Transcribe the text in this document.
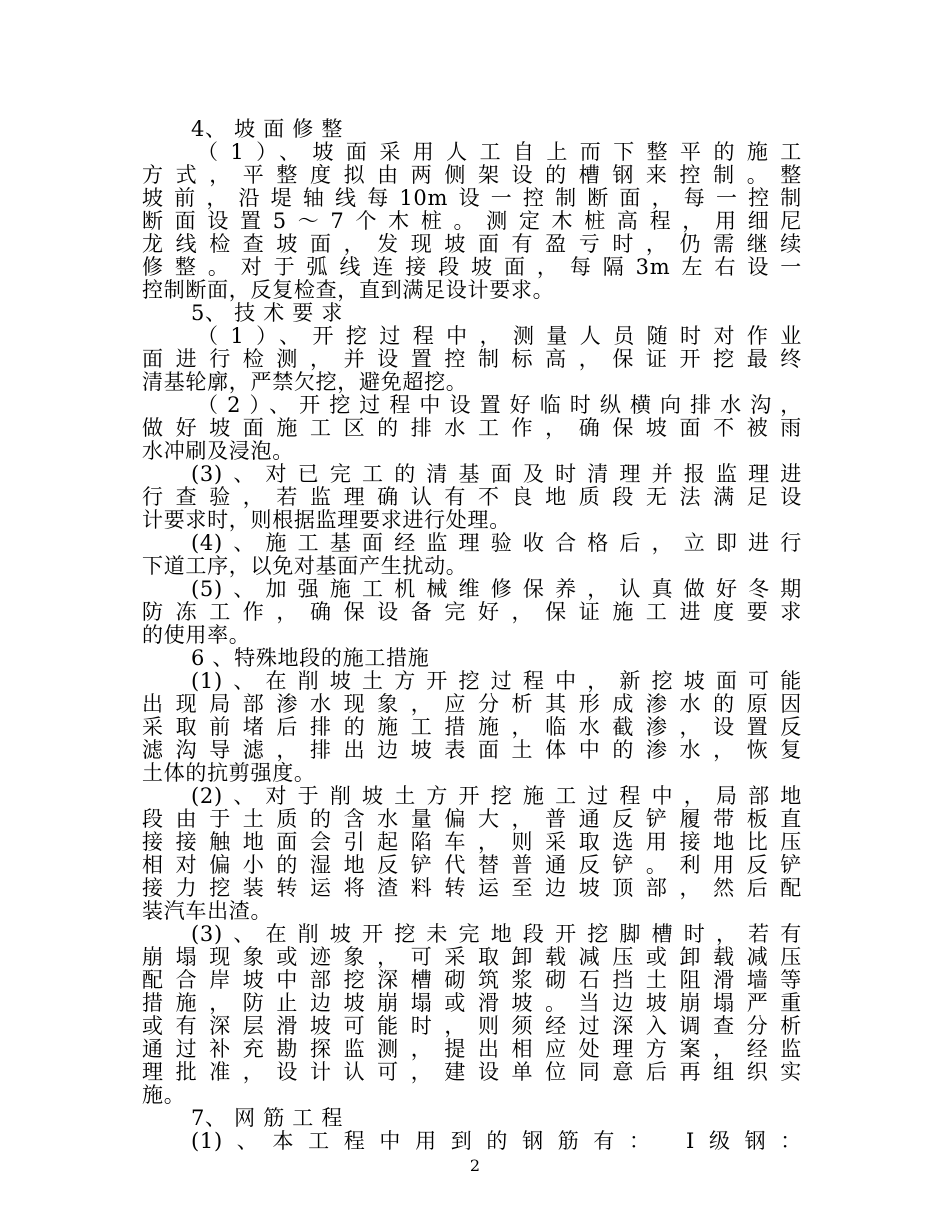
4、 坡 面 修 整
（1）、坡面采用人工自上而下整平的施工
方式，平整度拟由两侧架设的槽钢来控制。整
坡前，沿堤轴线每10m设一控制断面，每一控制
断面设置5～7个木桩。测定木桩高程，用细尼
龙线检查坡面，发现坡面有盈亏时，仍需继续
修整。对于弧线连接段坡面，每隔3m左右设一
控制断面，反复检查，直到满足设计要求。
5、 技 术 要 求
（1）、开挖过程中，测量人员随时对作业
面进行检测，并设置控制标高，保证开挖最终
清基轮廓，严禁欠挖，避免超挖。
（2）、开挖过程中设置好临时纵横向排水沟，
做好坡面施工区的排水工作，确保坡面不被雨
水冲刷及浸泡。
(3)、对已完工的清基面及时清理并报监理进
行查验，若监理确认有不良地质段无法满足设
计要求时，则根据监理要求进行处理。
(4)、施工基面经监理验收合格后，立即进行
下道工序，以免对基面产生扰动。
(5)、加强施工机械维修保养，认真做好冬期
防冻工作，确保设备完好，保证施工进度要求
的使用率。
6 、特殊地段的施工措施
(1)、在削坡土方开挖过程中，新挖坡面可能
出现局部渗水现象，应分析其形成渗水的原因
采取前堵后排的施工措施，临水截渗，设置反
滤沟导滤，排出边坡表面土体中的渗水，恢复
土体的抗剪强度。
(2)、对于削坡土方开挖施工过程中，局部地
段由于土质的含水量偏大，普通反铲履带板直
接接触地面会引起陷车，则采取选用接地比压
相对偏小的湿地反铲代替普通反铲。利用反铲
接力挖装转运将渣料转运至边坡顶部，然后配
装汽车出渣。
(3)、在削坡开挖未完地段开挖脚槽时，若有
崩塌现象或迹象，可采取卸载减压或卸载减压
配合岸坡中部挖深槽砌筑浆砌石挡土阻滑墙等
措施，防止边坡崩塌或滑坡。当边坡崩塌严重
或有深层滑坡可能时，则须经过深入调查分析
通过补充勘探监测，提出相应处理方案，经监
理批准，设计认可，建设单位同意后再组织实
施。
7、 网 筋 工 程
(1)、本工程中用到的钢筋有： Ⅰ级钢：
2
